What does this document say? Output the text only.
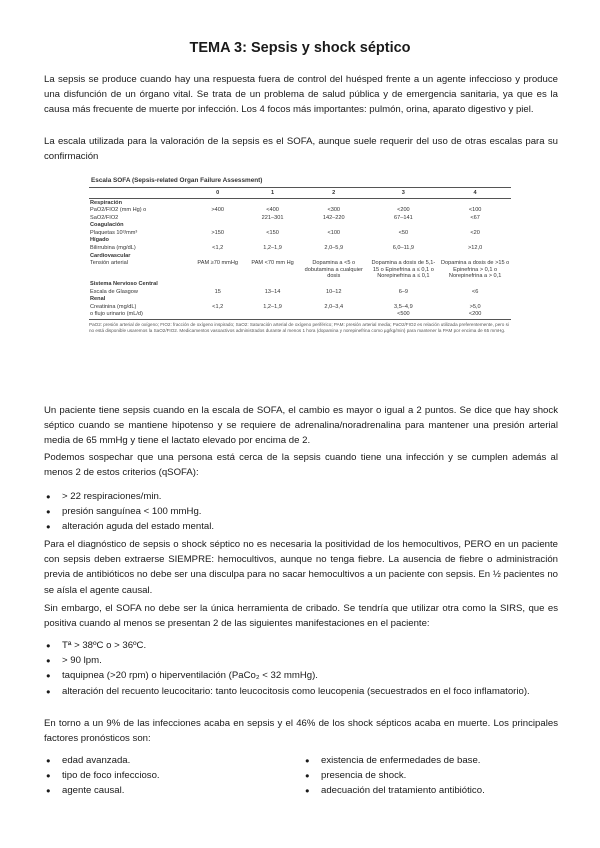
TEMA 3: Sepsis y shock séptico

La sepsis se produce cuando hay una respuesta fuera de control del huésped frente a un agente infeccioso y produce una disfunción de un órgano vital. Se trata de un problema de salud pública y de emergencia sanitaria, ya que es la causa más frecuente de muerte por infección. Los 4 focos más importantes: pulmón, orina, aparato digestivo y piel.

La escala utilizada para la valoración de la sepsis es el SOFA, aunque suele requerir del uso de otras escalas para su confirmación

Escala SOFA (Sepsis-related Organ Failure Assessment)
	0	1	2	3	4
Respiración					
PaO2/FIO2 (mm Hg) o	>400	<400	<300	<200	<100
SaO2/FIO2		221–301	142–220	67–141	<67
Coagulación					
Plaquetas 10³/mm³	>150	<150	<100	<50	<20
Hígado					
Bilirrubina (mg/dL)	<1,2	1,2–1,9	2,0–5,9	6,0–11,9	>12,0
Cardiovascular					
Tensión arterial	PAM ≥70 mmHg	PAM <70 mm Hg	Dopamina a <5 o dobutamina a cualquier dosis	Dopamina a dosis de 5,1-15 o Epinefrina a ≤ 0,1 o Norepinefrina a ≤ 0,1	Dopamina a dosis de >15 o Epinefrina > 0,1 o Norepinefrina a > 0,1
Sistema Nervioso Central					
Escala de Glasgow	15	13–14	10–12	6–9	<6
Renal					
Creatinina (mg/dL)	<1,2	1,2–1,9	2,0–3,4	3,5–4,9	>5,0
o flujo urinario (mL/d)				<500	<200
PaO2: presión arterial de oxígeno; FIO2: fracción de oxígeno inspirado; SaO2: Saturación arterial de oxígeno periférico; PAM: presión arterial media; PaO2/FIO2 es relación utilizada preferentemente, pero si no está disponible usaremos la SaO2/FIO2. Medicamentos vasoactivos administrados durante al menos 1 hora (dopamina y norepinefrina como µg/kg/min) para mantener la PAM por encima de 65 mmHg.

Un paciente tiene sepsis cuando en la escala de SOFA, el cambio es mayor o igual a 2 puntos. Se dice que hay shock séptico cuando se mantiene hipotenso y se requiere de adrenalina/noradrenalina para mantener una presión arterial media de 65 mmHg y tiene el lactato elevado por encima de 2.

Podemos sospechar que una persona está cerca de la sepsis cuando tiene una infección y se cumplen además al menos 2 de estos criterios (qSOFA):

● > 22 respiraciones/min.
● presión sanguínea < 100 mmHg.
● alteración aguda del estado mental.

Para el diagnóstico de sepsis o shock séptico no es necesaria la positividad de los hemocultivos, PERO en un paciente con sepsis deben extraerse SIEMPRE: hemocultivos, aunque no tenga fiebre. La ausencia de fiebre o administración previa de antibióticos no debe ser una disculpa para no sacar hemocultivos a un paciente con sepsis. En ½ pacientes no se aísla el agente causal.

Sin embargo, el SOFA no debe ser la única herramienta de cribado. Se tendría que utilizar otra como la SIRS, que es positiva cuando al menos se presentan 2 de las siguientes manifestaciones en el paciente:

● Tª > 38ºC o > 36ºC.
● > 90 lpm.
● taquipnea (>20 rpm) o hiperventilación (PaCo₂ < 32 mmHg).
● alteración del recuento leucocitario: tanto leucocitosis como leucopenia (secuestrados en el foco inflamatorio).

En torno a un 9% de las infecciones acaba en sepsis y el 46% de los shock sépticos acaba en muerte. Los principales factores pronósticos son:

● edad avanzada.
● tipo de foco infeccioso.
● agente causal.
● existencia de enfermedades de base.
● presencia de shock.
● adecuación del tratamiento antibiótico.
